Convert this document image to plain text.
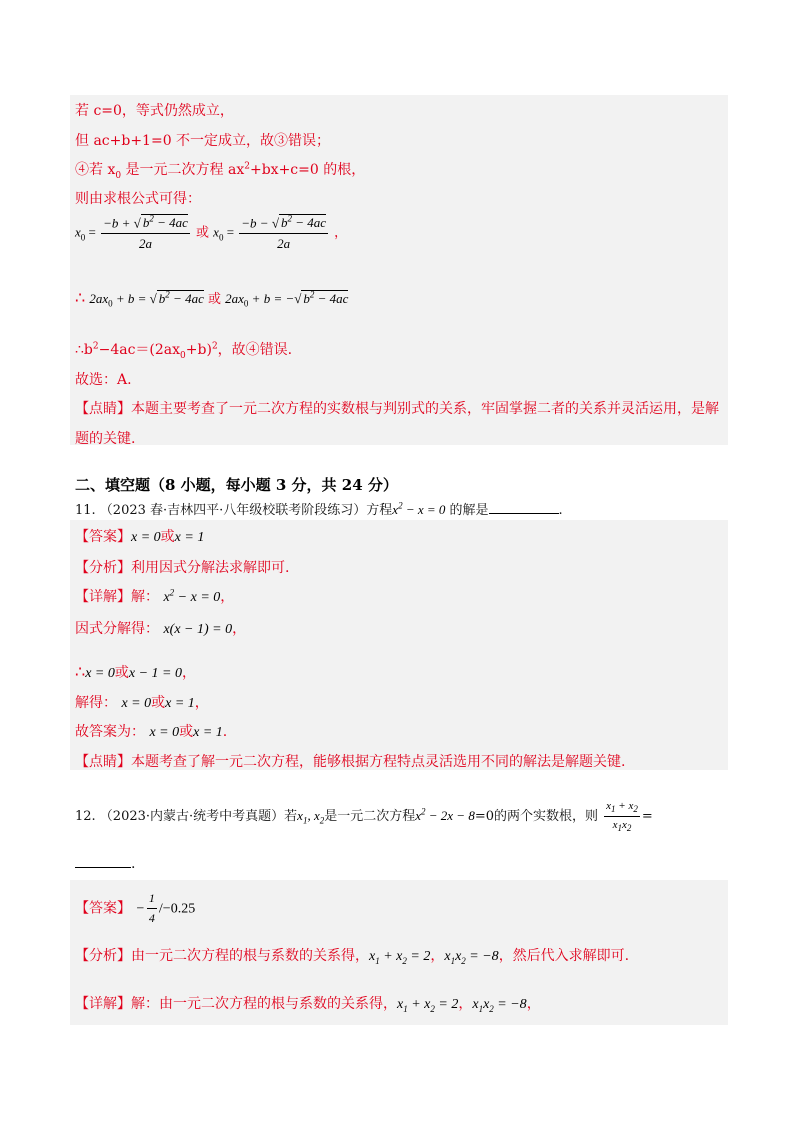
若 c=0，等式仍然成立，
但 ac+b+1=0 不一定成立，故③错误；
④若 $x_0$ 是一元二次方程 $ax^2+bx+c=0$ 的根，
则由求根公式可得：
$x_0 = \frac{-b + √ b^2 - 4ac}{2a}$ 或 $x_0 = \frac{-b - √ b^2 - 4ac}{2a}$ ，
∴ $2ax_0 + b$ = √ $b^2 - 4ac$ 或 $2ax_0 + b$ = −√ $b^2 - 4ac$
$\therefore b^2-4ac=(2ax_0+b)^2$，故④错误.
故选：A.
【点睛】本题主要考查了一元二次方程的实数根与判别式的关系，牢固掌握二者的关系并灵活运用，是解
题的关键.
二、填空题（8 小题，每小题 3 分，共 24 分）
11. （2023 春·吉林四平·八年级校联考阶段练习）方程$x^2 - x = 0$ 的解是	.
【答案】x = 0或x = 1
【分析】利用因式分解法求解即可.
【详解】解： $x^2 - x = 0$，
因式分解得： x(x − 1) = 0，
∴x = 0或x − 1 = 0，
解得： x = 0或x = 1，
故答案为： x = 0或x = 1.
【点睛】本题考查了解一元二次方程，能够根据方程特点灵活选用不同的解法是解题关键.
12. （2023·内蒙古·统考中考真题）若$x_1$, $x_2$是一元二次方程$x^2 - 2x - 8=0$的两个实数根，则 $\frac{x_1 + x_2}{x_1x_2}$ =
.
【答案】 − $\frac{1}{4} /-0.25$
【分析】由一元二次方程的根与系数的关系得，$x_1 + x_2 = 2$，$x_1x_2 = -8$，然后代入求解即可.
【详解】解：由一元二次方程的根与系数的关系得，$x_1 + x_2 = 2$，$x_1x_2 = -8$，
